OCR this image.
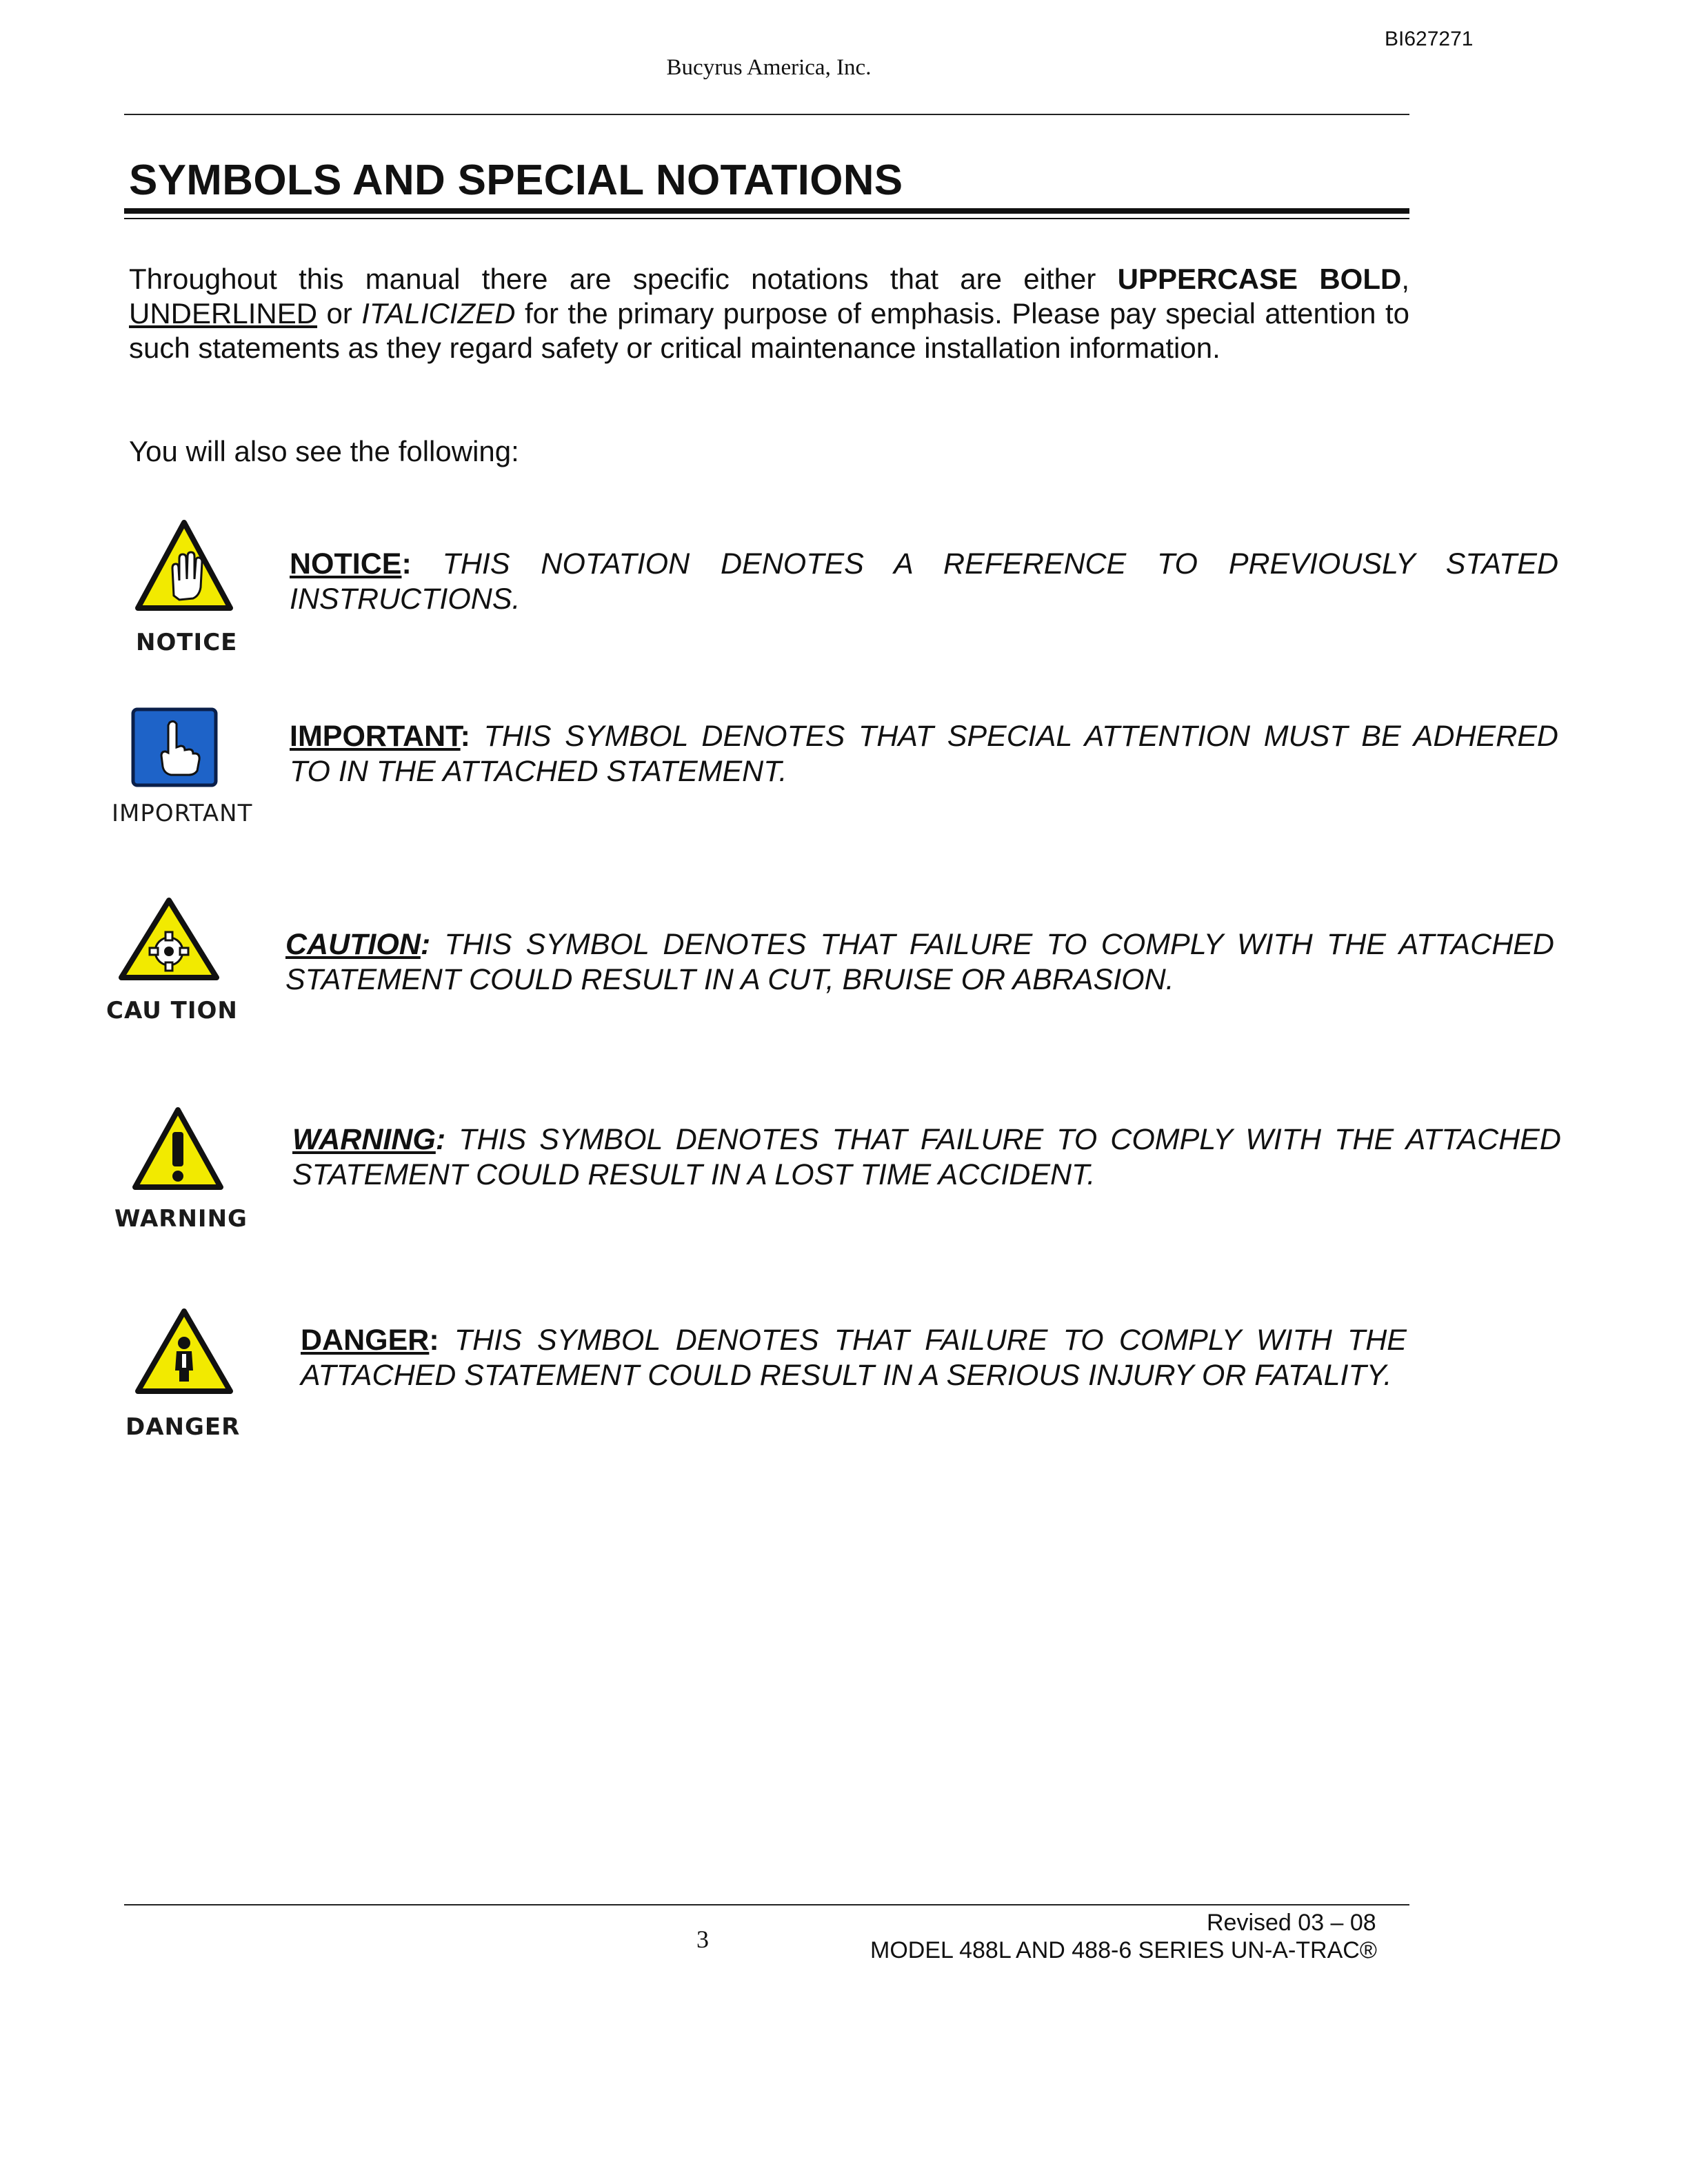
BI627271
Bucyrus America, Inc.
SYMBOLS AND SPECIAL NOTATIONS
Throughout this manual there are specific notations that are either UPPERCASE BOLD, UNDERLINED or ITALICIZED for the primary purpose of emphasis. Please pay special attention to such statements as they regard safety or critical maintenance installation information.
You will also see the following:
NOTICE
NOTICE: THIS NOTATION DENOTES A REFERENCE TO PREVIOUSLY STATED INSTRUCTIONS.
IMPORTANT
IMPORTANT: THIS SYMBOL DENOTES THAT SPECIAL ATTENTION MUST BE ADHERED TO IN THE ATTACHED STATEMENT.
CAU TION
CAUTION: THIS SYMBOL DENOTES THAT FAILURE TO COMPLY WITH THE ATTACHED STATEMENT COULD RESULT IN A CUT, BRUISE OR ABRASION.
WARNING
WARNING: THIS SYMBOL DENOTES THAT FAILURE TO COMPLY WITH THE ATTACHED STATEMENT COULD RESULT IN A LOST TIME ACCIDENT.
DANGER
DANGER: THIS SYMBOL DENOTES THAT FAILURE TO COMPLY WITH THE ATTACHED STATEMENT COULD RESULT IN A SERIOUS INJURY OR FATALITY.
3
Revised 03 – 08
MODEL 488L AND 488-6 SERIES UN-A-TRAC®
